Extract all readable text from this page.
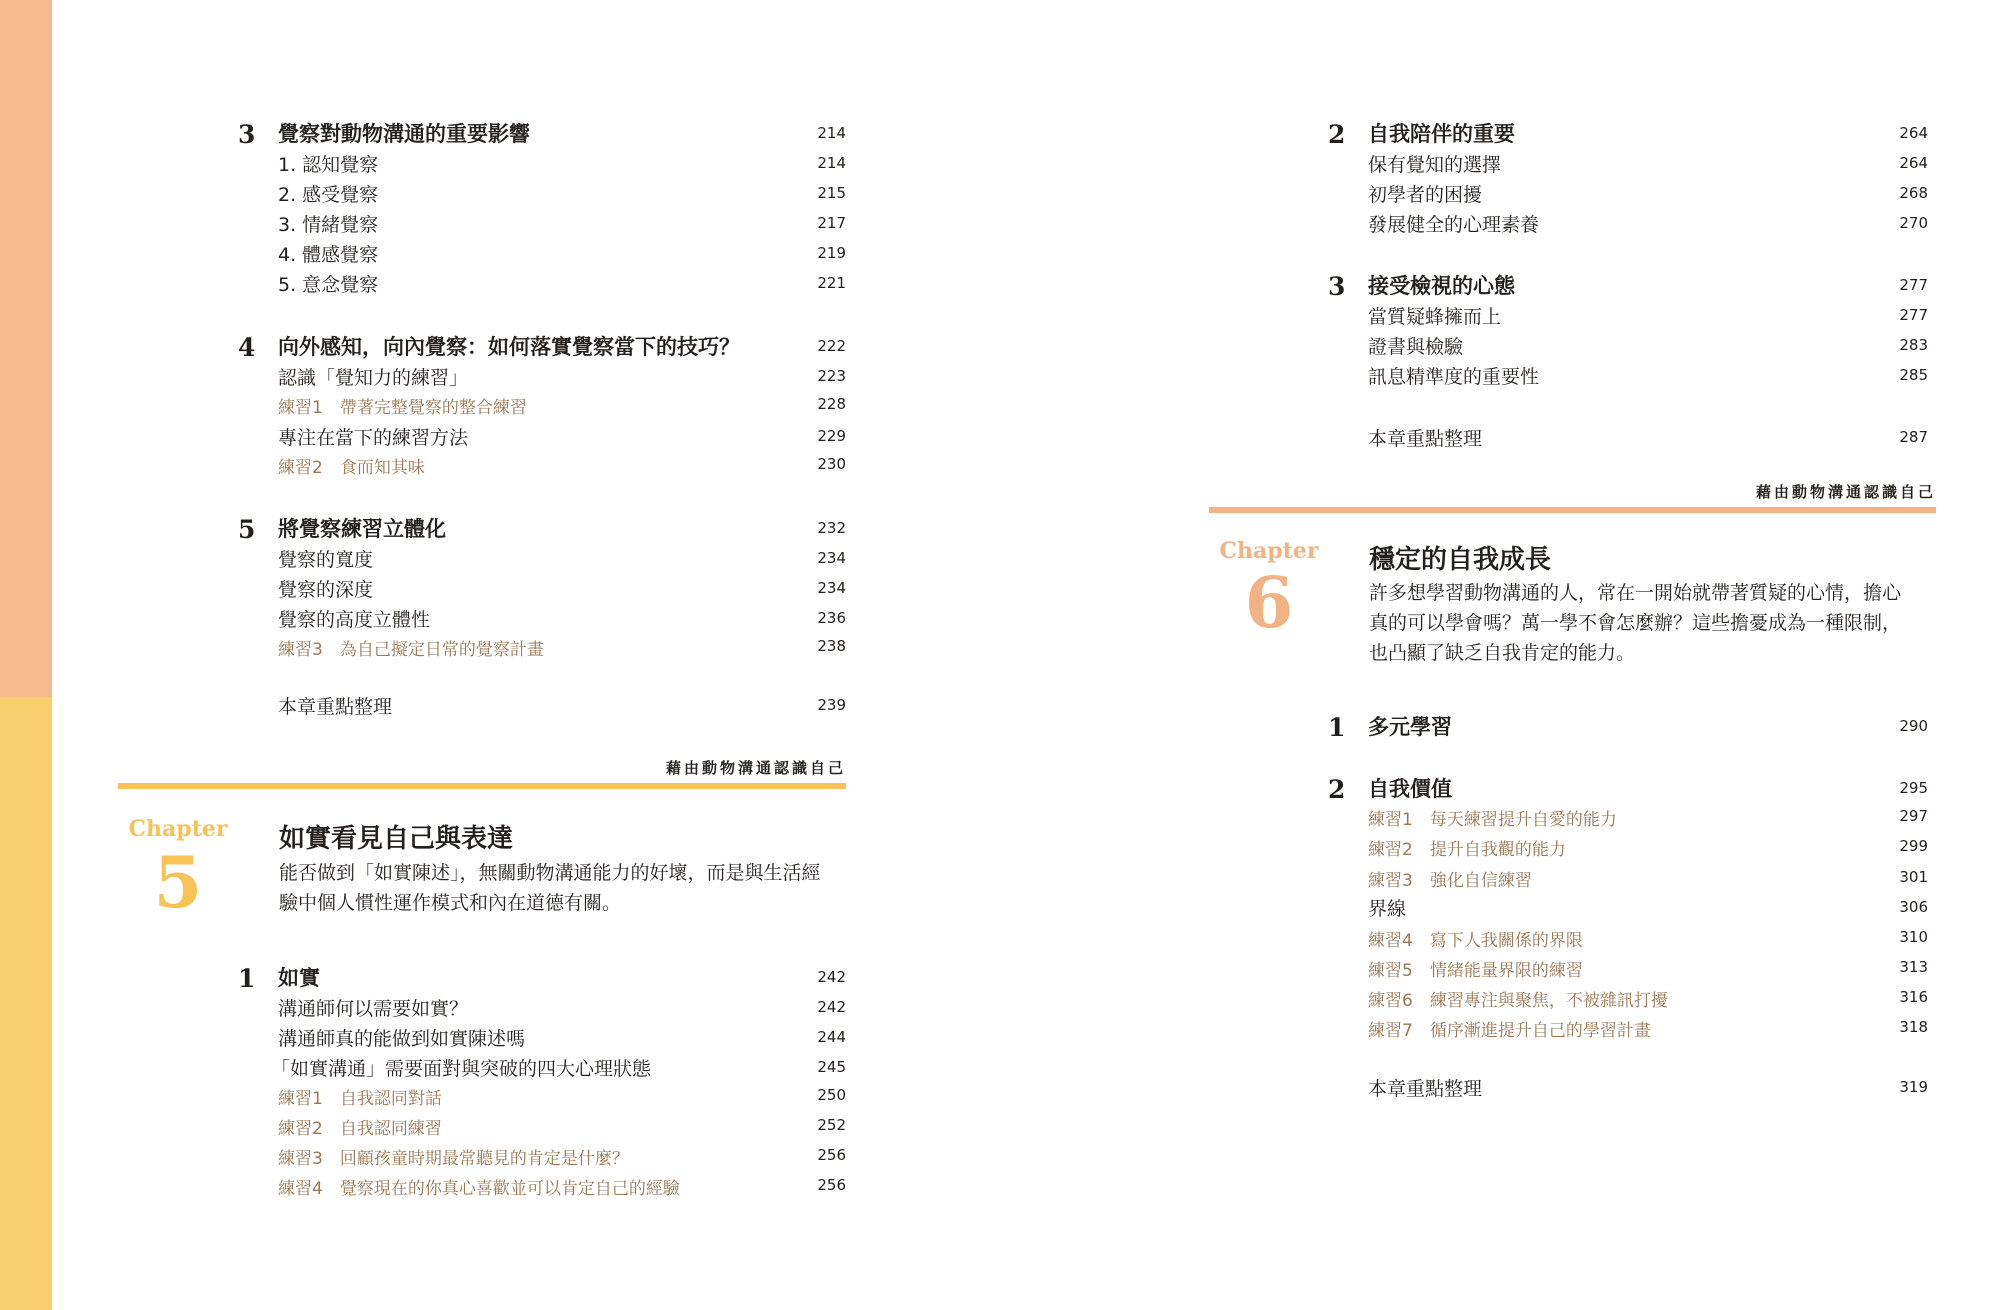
3 覺察對動物溝通的重要影響	214
1. 認知覺察	214
2. 感受覺察	215
3. 情緒覺察	217
4. 體感覺察	219
5. 意念覺察	221
4 向外感知，向內覺察：如何落實覺察當下的技巧？	222
認識「覺知力的練習」	223
練習1　帶著完整覺察的整合練習	228
專注在當下的練習方法	229
練習2　食而知其味	230
5 將覺察練習立體化	232
覺察的寬度	234
覺察的深度	234
覺察的高度立體性	236
練習3　為自己擬定日常的覺察計畫	238
本章重點整理	239
藉由動物溝通認識自己
Chapter
5
如實看見自己與表達
能否做到「如實陳述」，無關動物溝通能力的好壞，而是與生活經
驗中個人慣性運作模式和內在道德有關。
1 如實	242
溝通師何以需要如實？	242
溝通師真的能做到如實陳述嗎	244
「如實溝通」需要面對與突破的四大心理狀態	245
練習1　自我認同對話	250
練習2　自我認同練習	252
練習3　回顧孩童時期最常聽見的肯定是什麼？	256
練習4　覺察現在的你真心喜歡並可以肯定自己的經驗	256
2 自我陪伴的重要	264
保有覺知的選擇	264
初學者的困擾	268
發展健全的心理素養	270
3 接受檢視的心態	277
當質疑蜂擁而上	277
證書與檢驗	283
訊息精準度的重要性	285
本章重點整理	287
藉由動物溝通認識自己
Chapter
6
穩定的自我成長
許多想學習動物溝通的人，常在一開始就帶著質疑的心情，擔心
真的可以學會嗎？萬一學不會怎麼辦？這些擔憂成為一種限制，
也凸顯了缺乏自我肯定的能力。
1 多元學習	290
2 自我價值	295
練習1　每天練習提升自愛的能力	297
練習2　提升自我觀的能力	299
練習3　強化自信練習	301
界線	306
練習4　寫下人我關係的界限	310
練習5　情緒能量界限的練習	313
練習6　練習專注與聚焦，不被雜訊打擾	316
練習7　循序漸進提升自己的學習計畫	318
本章重點整理	319
